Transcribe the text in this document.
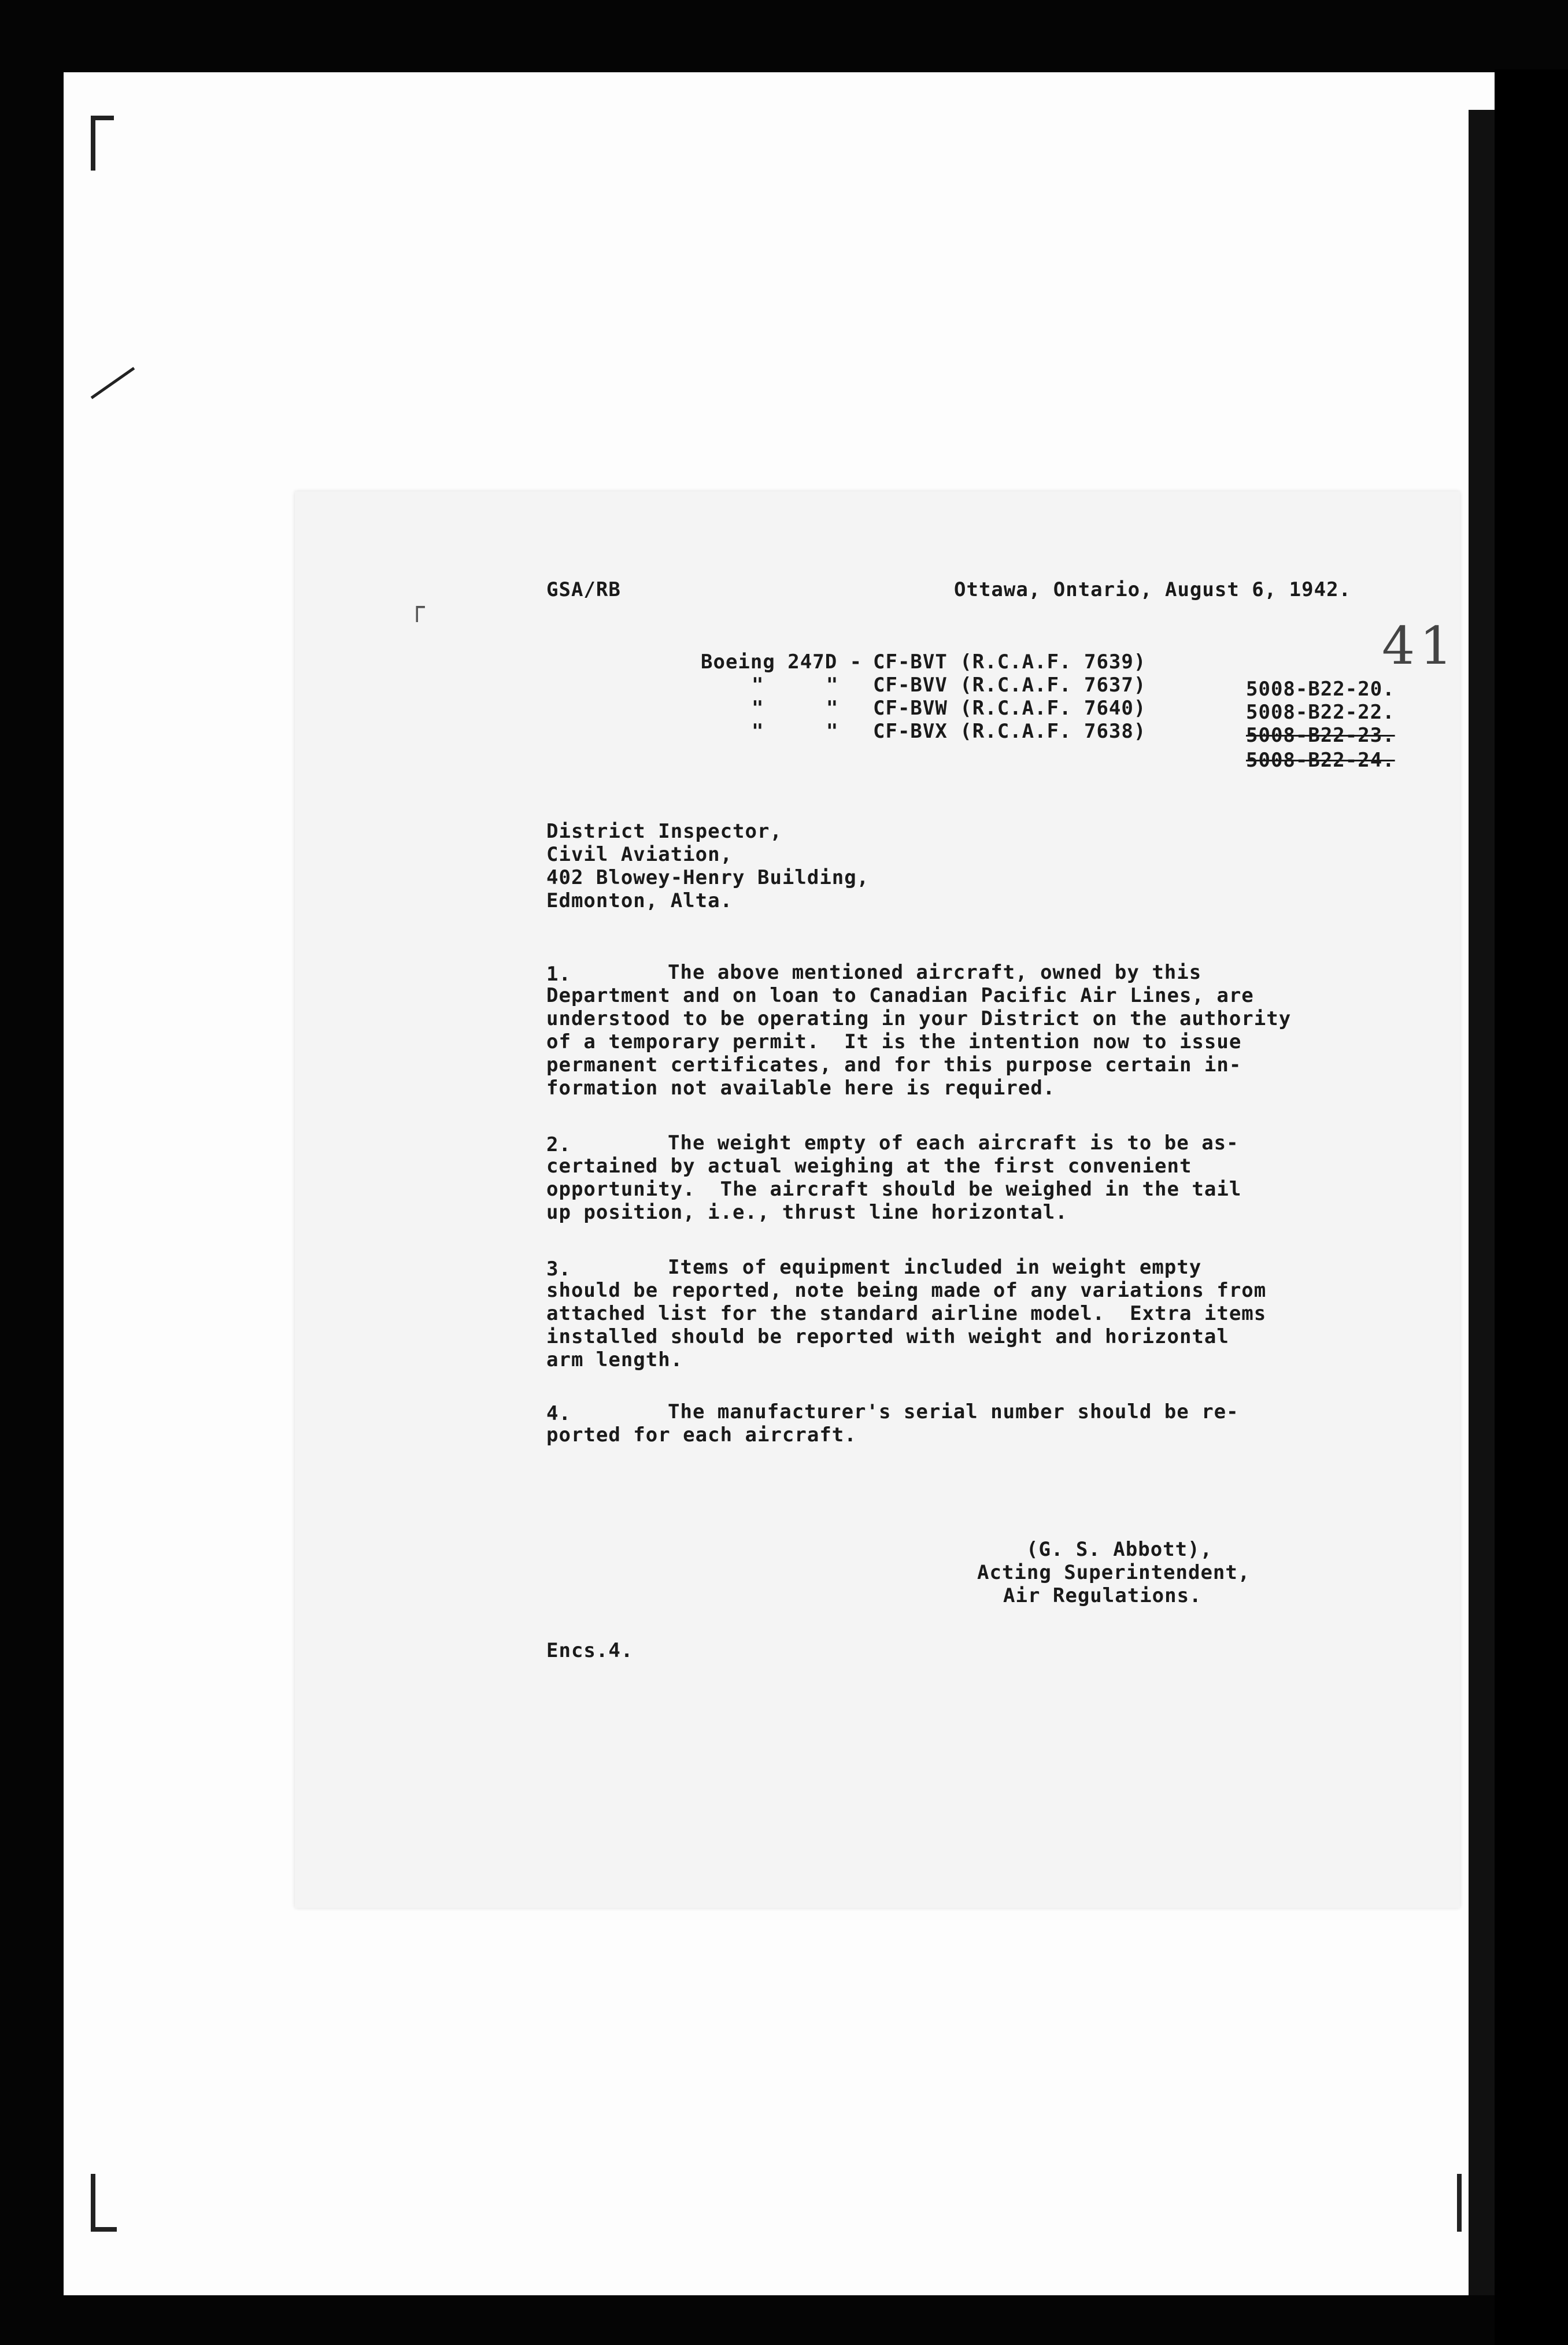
GSA/RB	Ottawa, Ontario, August 6, 1942.
41
┌
Boeing 247D - CF-BVT (R.C.A.F. 7639)
"     " CF-BVV (R.C.A.F. 7637)	5008-B22-20.
"     " CF-BVW (R.C.A.F. 7640)	5008-B22-22.
"     " CF-BVX (R.C.A.F. 7638)	5008-B22-23.
5008-B22-24.
District Inspector,
Civil Aviation,
402 Blowey-Henry Building,
Edmonton, Alta.
1.	The above mentioned aircraft, owned by this
Department and on loan to Canadian Pacific Air Lines, are
understood to be operating in your District on the authority
of a temporary permit.  It is the intention now to issue
permanent certificates, and for this purpose certain in-
formation not available here is required.
2.	The weight empty of each aircraft is to be as-
certained by actual weighing at the first convenient
opportunity.  The aircraft should be weighed in the tail
up position, i.e., thrust line horizontal.
3.	Items of equipment included in weight empty
should be reported, note being made of any variations from
attached list for the standard airline model.  Extra items
installed should be reported with weight and horizontal
arm length.
4.	The manufacturer's serial number should be re-
ported for each aircraft.
(G. S. Abbott),
Acting Superintendent,
Air Regulations.
Encs.4.
